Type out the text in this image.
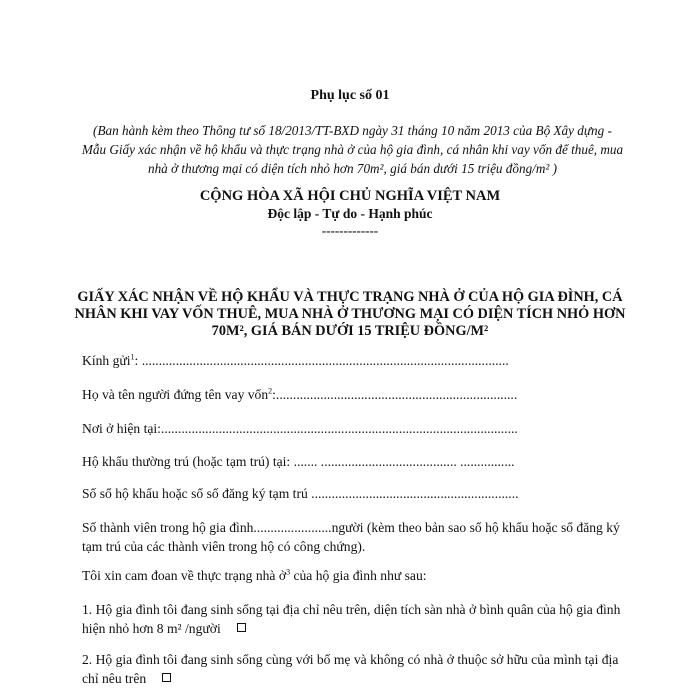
Phụ lục số 01
(Ban hành kèm theo Thông tư số 18/2013/TT-BXD ngày 31 tháng 10 năm 2013 của Bộ Xây dựng - Mẫu Giấy xác nhận về hộ khẩu và thực trạng nhà ở của hộ gia đình, cá nhân khi vay vốn để thuê, mua nhà ở thương mại có diện tích nhỏ hơn 70m², giá bán dưới 15 triệu đồng/m² )
CỘNG HÒA XÃ HỘI CHỦ NGHĨA VIỆT NAM
Độc lập - Tự do - Hạnh phúc
-------------
GIẤY XÁC NHẬN VỀ HỘ KHẨU VÀ THỰC TRẠNG NHÀ Ở CỦA HỘ GIA ĐÌNH, CÁ NHÂN KHI VAY VỐN THUÊ, MUA NHÀ Ở THƯƠNG MẠI CÓ DIỆN TÍCH NHỎ HƠN 70M², GIÁ BÁN DƯỚI 15 TRIỆU ĐỒNG/M²
Kính gửi$^1$: ............................................................................................................
Họ và tên người đứng tên vay vốn$^2$:.......................................................................
Nơi ở hiện tại:.........................................................................................................
Hộ khẩu thường trú (hoặc tạm trú) tại: ....... ........................................ ................
Số sổ hộ khẩu hoặc sổ số đăng ký tạm trú .............................................................
Số thành viên trong hộ gia đình.......................người (kèm theo bản sao sổ hộ khẩu hoặc sổ đăng ký tạm trú của các thành viên trong hộ có công chứng).
Tôi xin cam đoan về thực trạng nhà ở$^3$ của hộ gia đình như sau:
1. Hộ gia đình tôi đang sinh sống tại địa chỉ nêu trên, diện tích sàn nhà ở bình quân của hộ gia đình hiện nhỏ hơn 8 m² /người
2. Hộ gia đình tôi đang sinh sống cùng với bố mẹ và không có nhà ở thuộc sở hữu của mình tại địa chỉ nêu trên
